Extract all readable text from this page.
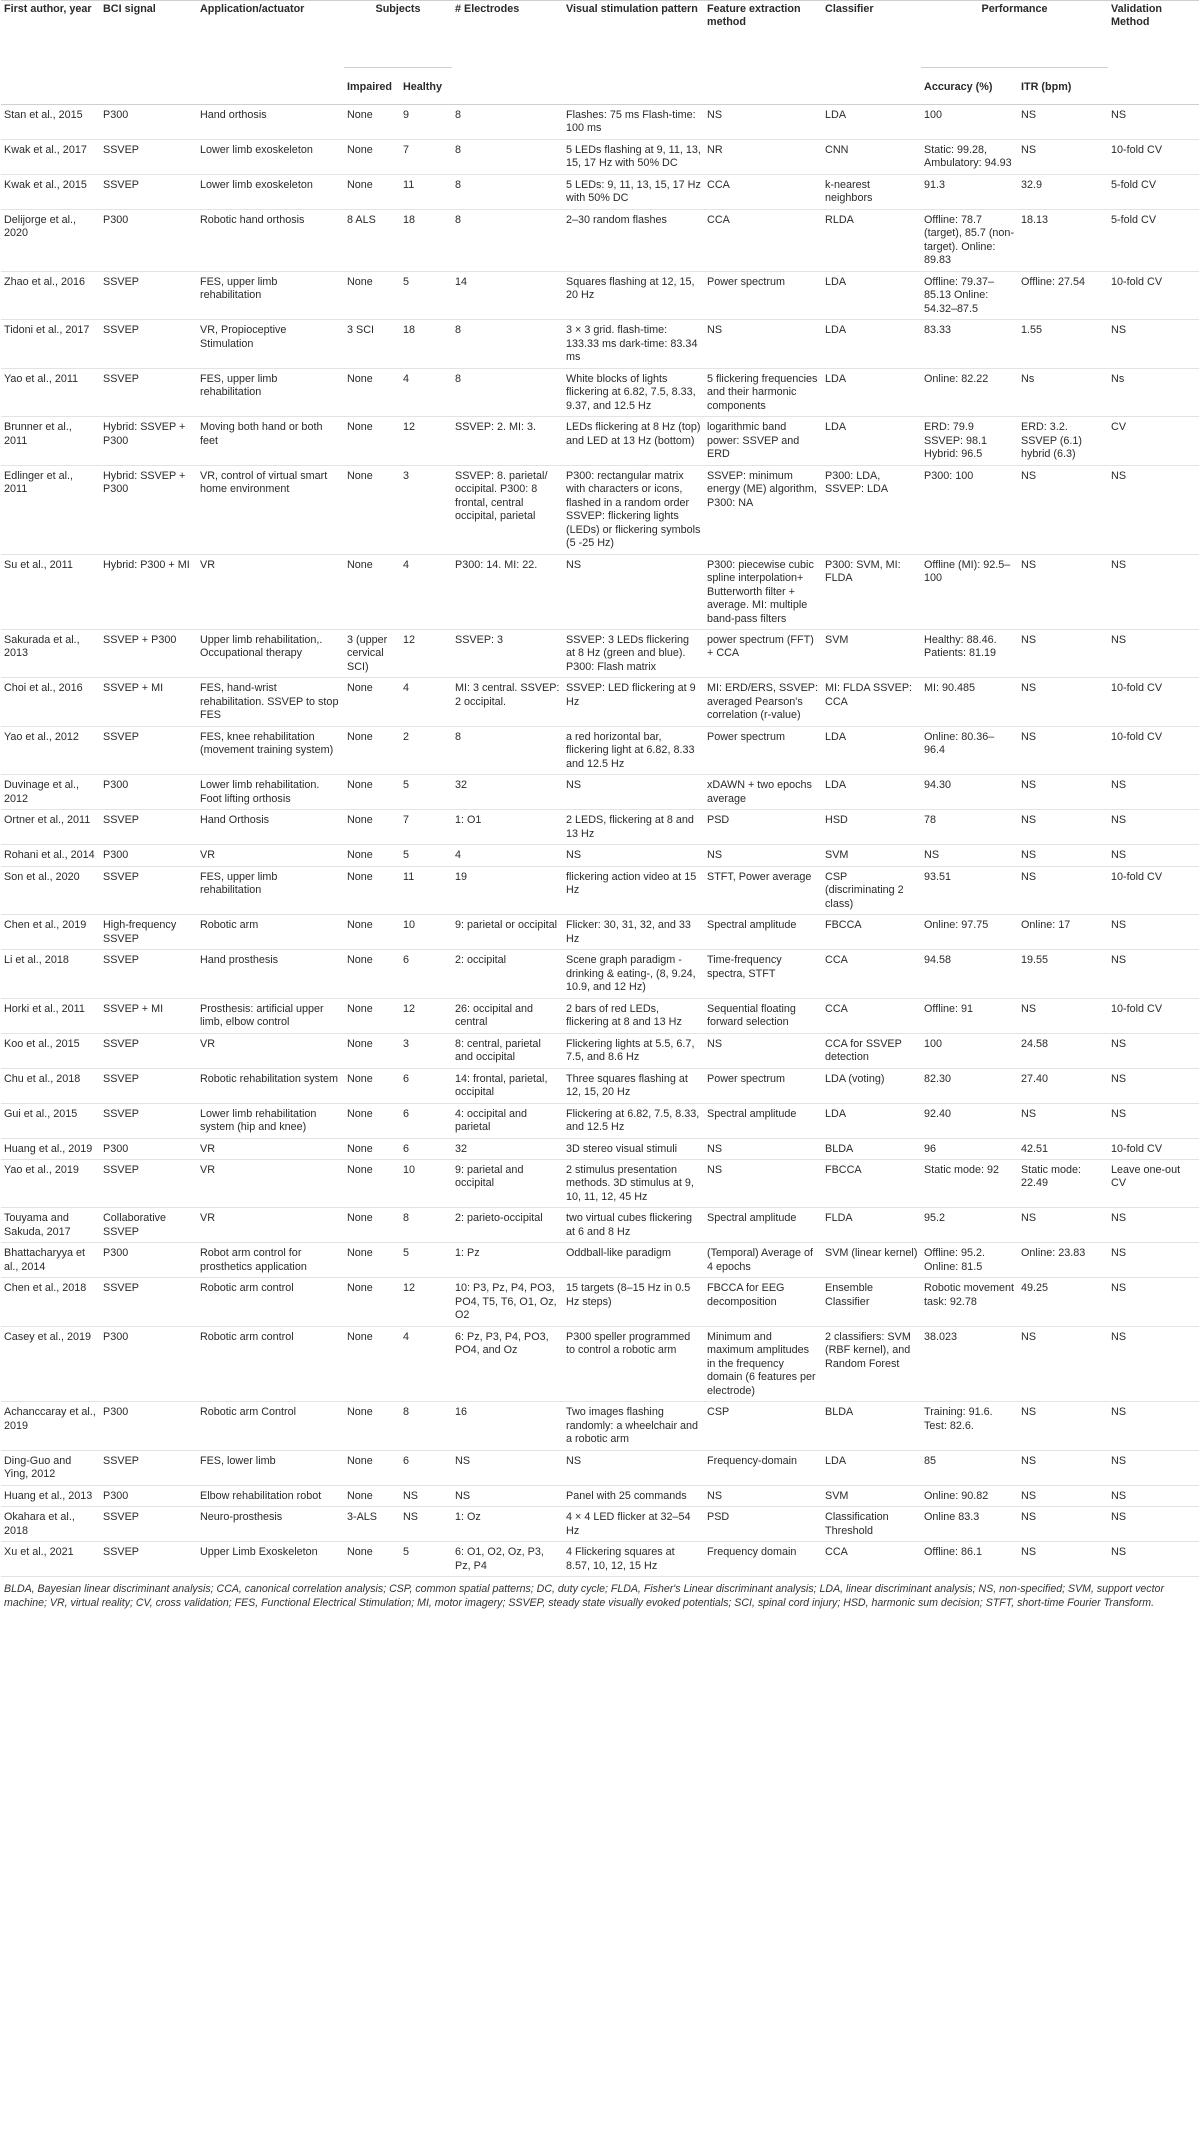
First author, year	BCI signal	Application/actuator	Subjects		# Electrodes	Visual stimulation pattern	Feature extraction method	Classifier	Performance		Validation Method
			Impaired	Healthy					Accuracy (%)	ITR (bpm)	
Stan et al., 2015	P300	Hand orthosis	None	9	8	Flashes: 75 ms Flash-time: 100 ms	NS	LDA	100	NS	NS
Kwak et al., 2017	SSVEP	Lower limb exoskeleton	None	7	8	5 LEDs flashing at 9, 11, 13, 15, 17 Hz with 50% DC	NR	CNN	Static: 99.28, Ambulatory: 94.93	NS	10-fold CV
Kwak et al., 2015	SSVEP	Lower limb exoskeleton	None	11	8	5 LEDs: 9, 11, 13, 15, 17 Hz with 50% DC	CCA	k-nearest neighbors	91.3	32.9	5-fold CV
Delijorge et al., 2020	P300	Robotic hand orthosis	8 ALS	18	8	2–30 random flashes	CCA	RLDA	Offline: 78.7 (target), 85.7 (non-target). Online: 89.83	18.13	5-fold CV
Zhao et al., 2016	SSVEP	FES, upper limb rehabilitation	None	5	14	Squares flashing at 12, 15, 20 Hz	Power spectrum	LDA	Offline: 79.37–85.13 Online: 54.32–87.5	Offline: 27.54	10-fold CV
Tidoni et al., 2017	SSVEP	VR, Propioceptive Stimulation	3 SCI	18	8	3 × 3 grid. flash-time: 133.33 ms dark-time: 83.34 ms	NS	LDA	83.33	1.55	NS
Yao et al., 2011	SSVEP	FES, upper limb rehabilitation	None	4	8	White blocks of lights flickering at 6.82, 7.5, 8.33, 9.37, and 12.5 Hz	5 flickering frequencies and their harmonic components	LDA	Online: 82.22	Ns	Ns
Brunner et al., 2011	Hybrid: SSVEP + P300	Moving both hand or both feet	None	12	SSVEP: 2. MI: 3.	LEDs flickering at 8 Hz (top) and LED at 13 Hz (bottom)	logarithmic band power: SSVEP and ERD	LDA	ERD: 79.9 SSVEP: 98.1 Hybrid: 96.5	ERD: 3.2. SSVEP (6.1) hybrid (6.3)	CV
Edlinger et al., 2011	Hybrid: SSVEP + P300	VR, control of virtual smart home environment	None	3	SSVEP: 8. parietal/ occipital. P300: 8 frontal, central occipital, parietal	P300: rectangular matrix with characters or icons, flashed in a random order SSVEP: flickering lights (LEDs) or flickering symbols (5 -25 Hz)	SSVEP: minimum energy (ME) algorithm, P300: NA	P300: LDA, SSVEP: LDA	P300: 100	NS	NS
Su et al., 2011	Hybrid: P300 + MI	VR	None	4	P300: 14. MI: 22.	NS	P300: piecewise cubic spline interpolation+ Butterworth filter + average. MI: multiple band-pass filters	P300: SVM, MI: FLDA	Offline (MI): 92.5–100	NS	NS
Sakurada et al., 2013	SSVEP + P300	Upper limb rehabilitation,. Occupational therapy	3 (upper cervical SCI)	12	SSVEP: 3	SSVEP: 3 LEDs flickering at 8 Hz (green and blue). P300: Flash matrix	power spectrum (FFT) + CCA	SVM	Healthy: 88.46. Patients: 81.19	NS	NS
Choi et al., 2016	SSVEP + MI	FES, hand-wrist rehabilitation. SSVEP to stop FES	None	4	MI: 3 central. SSVEP: 2 occipital.	SSVEP: LED flickering at 9 Hz	MI: ERD/ERS, SSVEP: averaged Pearson's correlation (r-value)	MI: FLDA SSVEP: CCA	MI: 90.485	NS	10-fold CV
Yao et al., 2012	SSVEP	FES, knee rehabilitation (movement training system)	None	2	8	a red horizontal bar, flickering light at 6.82, 8.33 and 12.5 Hz	Power spectrum	LDA	Online: 80.36–96.4	NS	10-fold CV
Duvinage et al., 2012	P300	Lower limb rehabilitation. Foot lifting orthosis	None	5	32	NS	xDAWN + two epochs average	LDA	94.30	NS	NS
Ortner et al., 2011	SSVEP	Hand Orthosis	None	7	1: O1	2 LEDS, flickering at 8 and 13 Hz	PSD	HSD	78	NS	NS
Rohani et al., 2014	P300	VR	None	5	4	NS	NS	SVM	NS	NS	NS
Son et al., 2020	SSVEP	FES, upper limb rehabilitation	None	11	19	flickering action video at 15 Hz	STFT, Power average	CSP (discriminating 2 class)	93.51	NS	10-fold CV
Chen et al., 2019	High-frequency SSVEP	Robotic arm	None	10	9: parietal or occipital	Flicker: 30, 31, 32, and 33 Hz	Spectral amplitude	FBCCA	Online: 97.75	Online: 17	NS
Li et al., 2018	SSVEP	Hand prosthesis	None	6	2: occipital	Scene graph paradigm -drinking & eating-, (8, 9.24, 10.9, and 12 Hz)	Time-frequency spectra, STFT	CCA	94.58	19.55	NS
Horki et al., 2011	SSVEP + MI	Prosthesis: artificial upper limb, elbow control	None	12	26: occipital and central	2 bars of red LEDs, flickering at 8 and 13 Hz	Sequential floating forward selection	CCA	Offline: 91	NS	10-fold CV
Koo et al., 2015	SSVEP	VR	None	3	8: central, parietal and occipital	Flickering lights at 5.5, 6.7, 7.5, and 8.6 Hz	NS	CCA for SSVEP detection	100	24.58	NS
Chu et al., 2018	SSVEP	Robotic rehabilitation system	None	6	14: frontal, parietal, occipital	Three squares flashing at 12, 15, 20 Hz	Power spectrum	LDA (voting)	82.30	27.40	NS
Gui et al., 2015	SSVEP	Lower limb rehabilitation system (hip and knee)	None	6	4: occipital and parietal	Flickering at 6.82, 7.5, 8.33, and 12.5 Hz	Spectral amplitude	LDA	92.40	NS	NS
Huang et al., 2019	P300	VR	None	6	32	3D stereo visual stimuli	NS	BLDA	96	42.51	10-fold CV
Yao et al., 2019	SSVEP	VR	None	10	9: parietal and occipital	2 stimulus presentation methods. 3D stimulus at 9, 10, 11, 12, 45 Hz	NS	FBCCA	Static mode: 92	Static mode: 22.49	Leave one-out CV
Touyama and Sakuda, 2017	Collaborative SSVEP	VR	None	8	2: parieto-occipital	two virtual cubes flickering at 6 and 8 Hz	Spectral amplitude	FLDA	95.2	NS	NS
Bhattacharyya et al., 2014	P300	Robot arm control for prosthetics application	None	5	1: Pz	Oddball-like paradigm	(Temporal) Average of 4 epochs	SVM (linear kernel)	Offline: 95.2. Online: 81.5	Online: 23.83	NS
Chen et al., 2018	SSVEP	Robotic arm control	None	12	10: P3, Pz, P4, PO3, PO4, T5, T6, O1, Oz, O2	15 targets (8–15 Hz in 0.5 Hz steps)	FBCCA for EEG decomposition	Ensemble Classifier	Robotic movement task: 92.78	49.25	NS
Casey et al., 2019	P300	Robotic arm control	None	4	6: Pz, P3, P4, PO3, PO4, and Oz	P300 speller programmed to control a robotic arm	Minimum and maximum amplitudes in the frequency domain (6 features per electrode)	2 classifiers: SVM (RBF kernel), and Random Forest	38.023	NS	NS
Achanccaray et al., 2019	P300	Robotic arm Control	None	8	16	Two images flashing randomly: a wheelchair and a robotic arm	CSP	BLDA	Training: 91.6. Test: 82.6.	NS	NS
Ding-Guo and Ying, 2012	SSVEP	FES, lower limb	None	6	NS	NS	Frequency-domain	LDA	85	NS	NS
Huang et al., 2013	P300	Elbow rehabilitation robot	None	NS	NS	Panel with 25 commands	NS	SVM	Online: 90.82	NS	NS
Okahara et al., 2018	SSVEP	Neuro-prosthesis	3-ALS	NS	1: Oz	4 × 4 LED flicker at 32–54 Hz	PSD	Classification Threshold	Online 83.3	NS	NS
Xu et al., 2021	SSVEP	Upper Limb Exoskeleton	None	5	6: O1, O2, Oz, P3, Pz, P4	4 Flickering squares at 8.57, 10, 12, 15 Hz	Frequency domain	CCA	Offline: 86.1	NS	NS

BLDA, Bayesian linear discriminant analysis; CCA, canonical correlation analysis; CSP, common spatial patterns; DC, duty cycle; FLDA, Fisher's Linear discriminant analysis; LDA, linear discriminant analysis; NS, non-specified; SVM, support vector machine; VR, virtual reality; CV, cross validation; FES, Functional Electrical Stimulation; MI, motor imagery; SSVEP, steady state visually evoked potentials; SCI, spinal cord injury; HSD, harmonic sum decision; STFT, short-time Fourier Transform.
